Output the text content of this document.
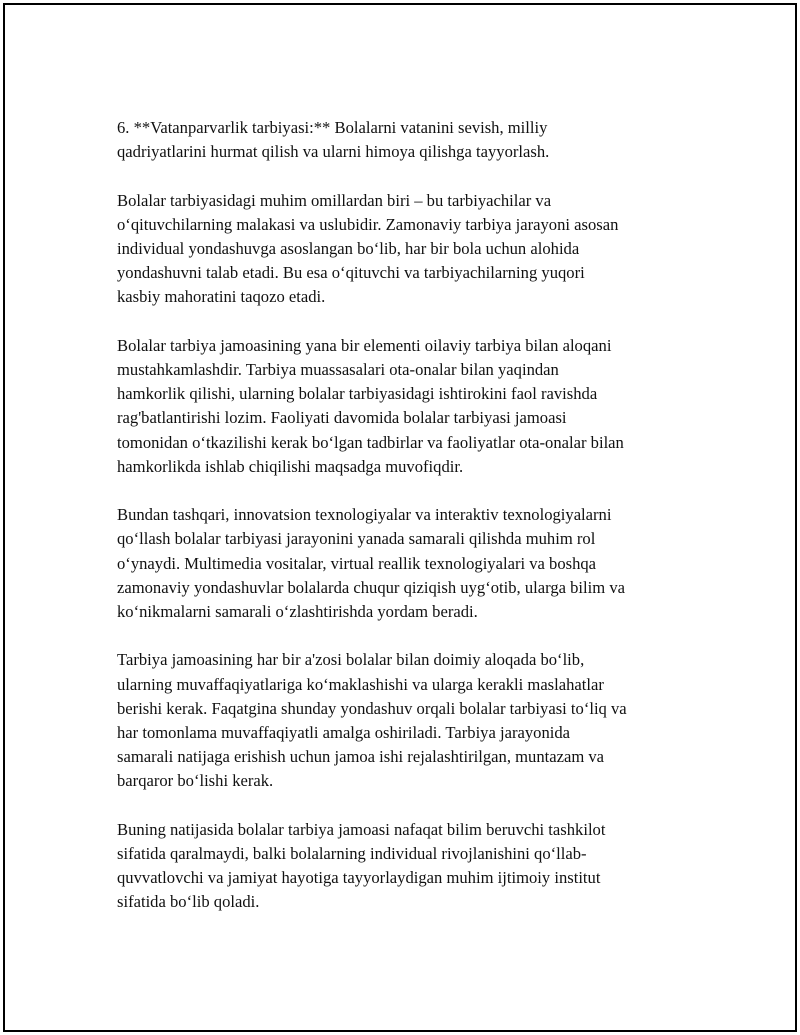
6. **Vatanparvarlik tarbiyasi:** Bolalarni vatanini sevish, milliy
qadriyatlarini hurmat qilish va ularni himoya qilishga tayyorlash.

Bolalar tarbiyasidagi muhim omillardan biri – bu tarbiyachilar va
o‘qituvchilarning malakasi va uslubidir. Zamonaviy tarbiya jarayoni asosan
individual yondashuvga asoslangan bo‘lib, har bir bola uchun alohida
yondashuvni talab etadi. Bu esa o‘qituvchi va tarbiyachilarning yuqori
kasbiy mahoratini taqozo etadi.

Bolalar tarbiya jamoasining yana bir elementi oilaviy tarbiya bilan aloqani
mustahkamlashdir. Tarbiya muassasalari ota-onalar bilan yaqindan
hamkorlik qilishi, ularning bolalar tarbiyasidagi ishtirokini faol ravishda
rag'batlantirishi lozim. Faoliyati davomida bolalar tarbiyasi jamoasi
tomonidan o‘tkazilishi kerak bo‘lgan tadbirlar va faoliyatlar ota-onalar bilan
hamkorlikda ishlab chiqilishi maqsadga muvofiqdir.

Bundan tashqari, innovatsion texnologiyalar va interaktiv texnologiyalarni
qo‘llash bolalar tarbiyasi jarayonini yanada samarali qilishda muhim rol
o‘ynaydi. Multimedia vositalar, virtual reallik texnologiyalari va boshqa
zamonaviy yondashuvlar bolalarda chuqur qiziqish uyg‘otib, ularga bilim va
ko‘nikmalarni samarali o‘zlashtirishda yordam beradi.

Tarbiya jamoasining har bir a'zosi bolalar bilan doimiy aloqada bo‘lib,
ularning muvaffaqiyatlariga ko‘maklashishi va ularga kerakli maslahatlar
berishi kerak. Faqatgina shunday yondashuv orqali bolalar tarbiyasi to‘liq va
har tomonlama muvaffaqiyatli amalga oshiriladi. Tarbiya jarayonida
samarali natijaga erishish uchun jamoa ishi rejalashtirilgan, muntazam va
barqaror bo‘lishi kerak.

Buning natijasida bolalar tarbiya jamoasi nafaqat bilim beruvchi tashkilot
sifatida qaralmaydi, balki bolalarning individual rivojlanishini qo‘llab-
quvvatlovchi va jamiyat hayotiga tayyorlaydigan muhim ijtimoiy institut
sifatida bo‘lib qoladi.
